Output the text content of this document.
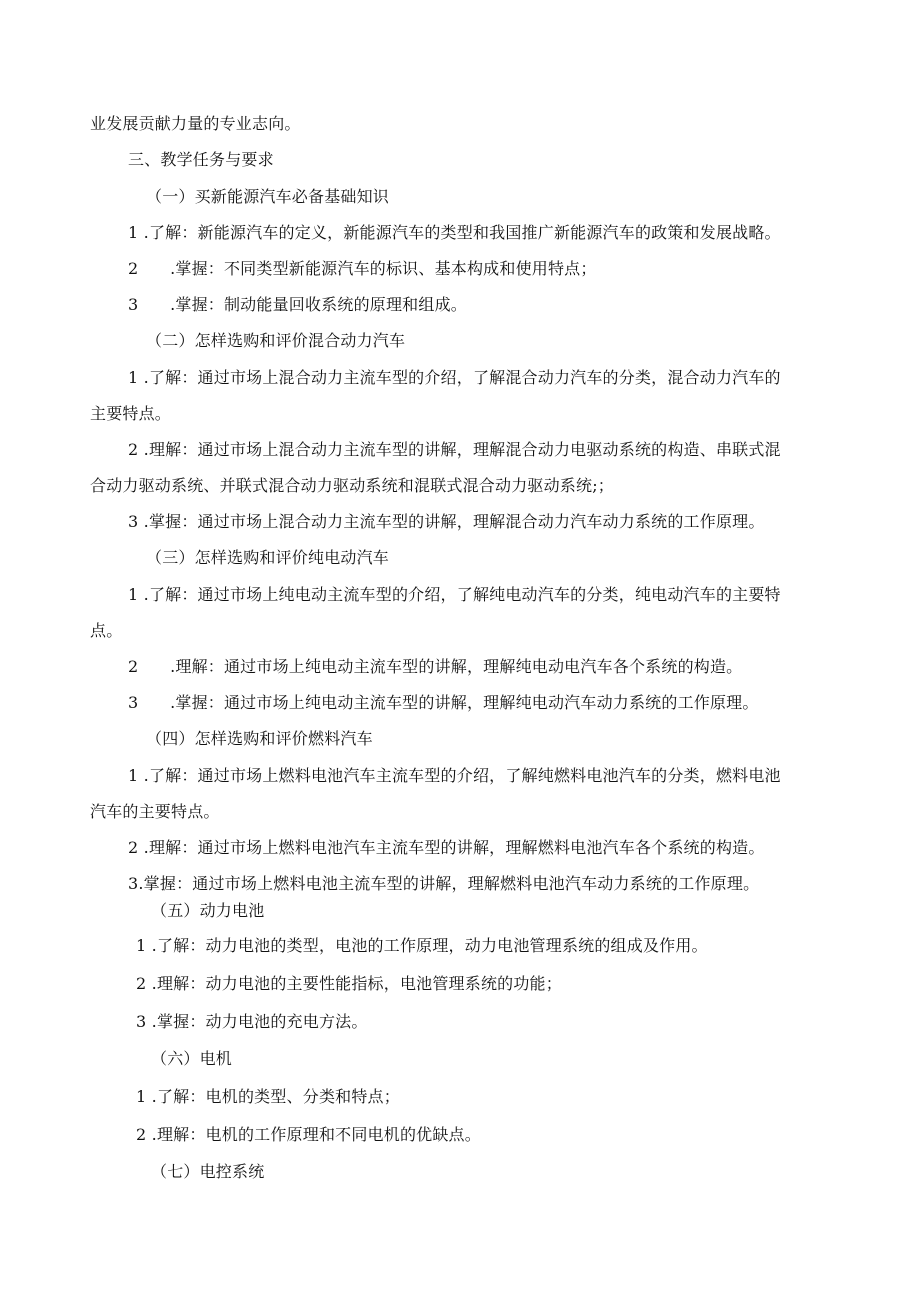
业发展贡献力量的专业志向。
三、教学任务与要求
（一）买新能源汽车必备基础知识
1 .了解：新能源汽车的定义，新能源汽车的类型和我国推广新能源汽车的政策和发展战略。
2      .掌握：不同类型新能源汽车的标识、基本构成和使用特点；
3      .掌握：制动能量回收系统的原理和组成。
（二）怎样选购和评价混合动力汽车
1 .了解：通过市场上混合动力主流车型的介绍，了解混合动力汽车的分类，混合动力汽车的
主要特点。
2 .理解：通过市场上混合动力主流车型的讲解，理解混合动力电驱动系统的构造、串联式混
合动力驱动系统、并联式混合动力驱动系统和混联式混合动力驱动系统;；
3 .掌握：通过市场上混合动力主流车型的讲解，理解混合动力汽车动力系统的工作原理。
（三）怎样选购和评价纯电动汽车
1 .了解：通过市场上纯电动主流车型的介绍，了解纯电动汽车的分类，纯电动汽车的主要特
点。
2      .理解：通过市场上纯电动主流车型的讲解，理解纯电动电汽车各个系统的构造。
3      .掌握：通过市场上纯电动主流车型的讲解，理解纯电动汽车动力系统的工作原理。
（四）怎样选购和评价燃料汽车
1 .了解：通过市场上燃料电池汽车主流车型的介绍，了解纯燃料电池汽车的分类，燃料电池
汽车的主要特点。
2 .理解：通过市场上燃料电池汽车主流车型的讲解，理解燃料电池汽车各个系统的构造。
3.掌握：通过市场上燃料电池主流车型的讲解，理解燃料电池汽车动力系统的工作原理。
（五）动力电池
1 .了解：动力电池的类型，电池的工作原理，动力电池管理系统的组成及作用。
2 .理解：动力电池的主要性能指标，电池管理系统的功能；
3 .掌握：动力电池的充电方法。
（六）电机
1 .了解：电机的类型、分类和特点；
2 .理解：电机的工作原理和不同电机的优缺点。
（七）电控系统
